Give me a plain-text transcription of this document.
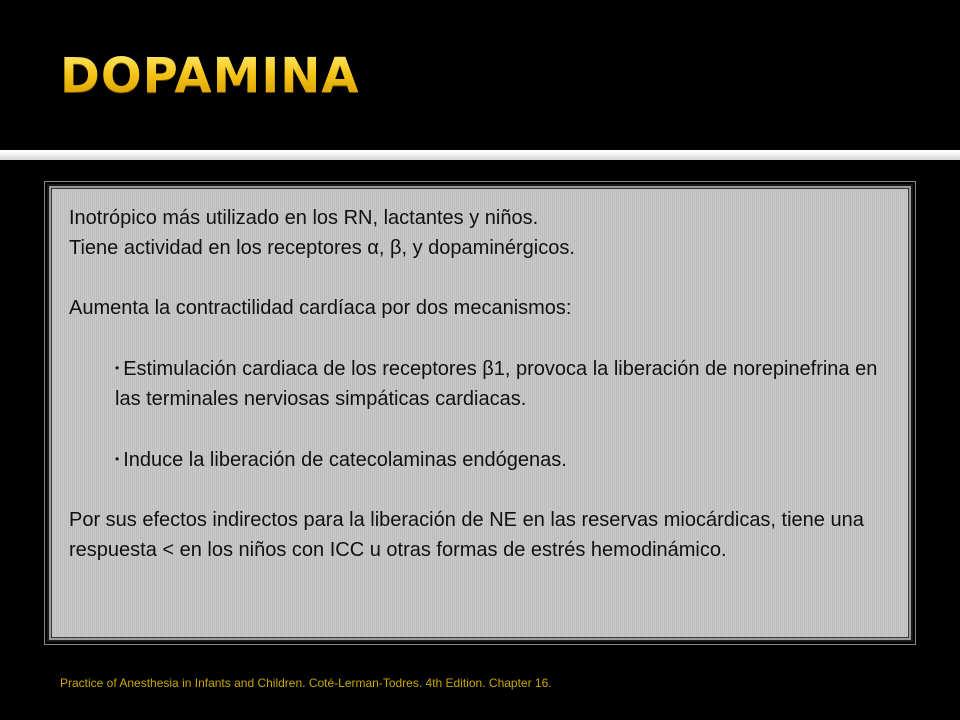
DOPAMINA

Inotrópico más utilizado en los RN, lactantes y niños.

Tiene actividad en los receptores α, β, y dopaminérgicos.

Aumenta la contractilidad cardíaca por dos mecanismos:

• Estimulación cardiaca de los receptores β1, provoca la liberación de norepinefrina en las terminales nerviosas simpáticas cardiacas.

• Induce la liberación de catecolaminas endógenas.

Por sus efectos indirectos para la liberación de NE en las reservas miocárdicas, tiene una respuesta < en los niños con ICC u otras formas de estrés hemodinámico.

Practice of Anesthesia in Infants and Children. Coté-Lerman-Todres. 4th Edition. Chapter 16.
